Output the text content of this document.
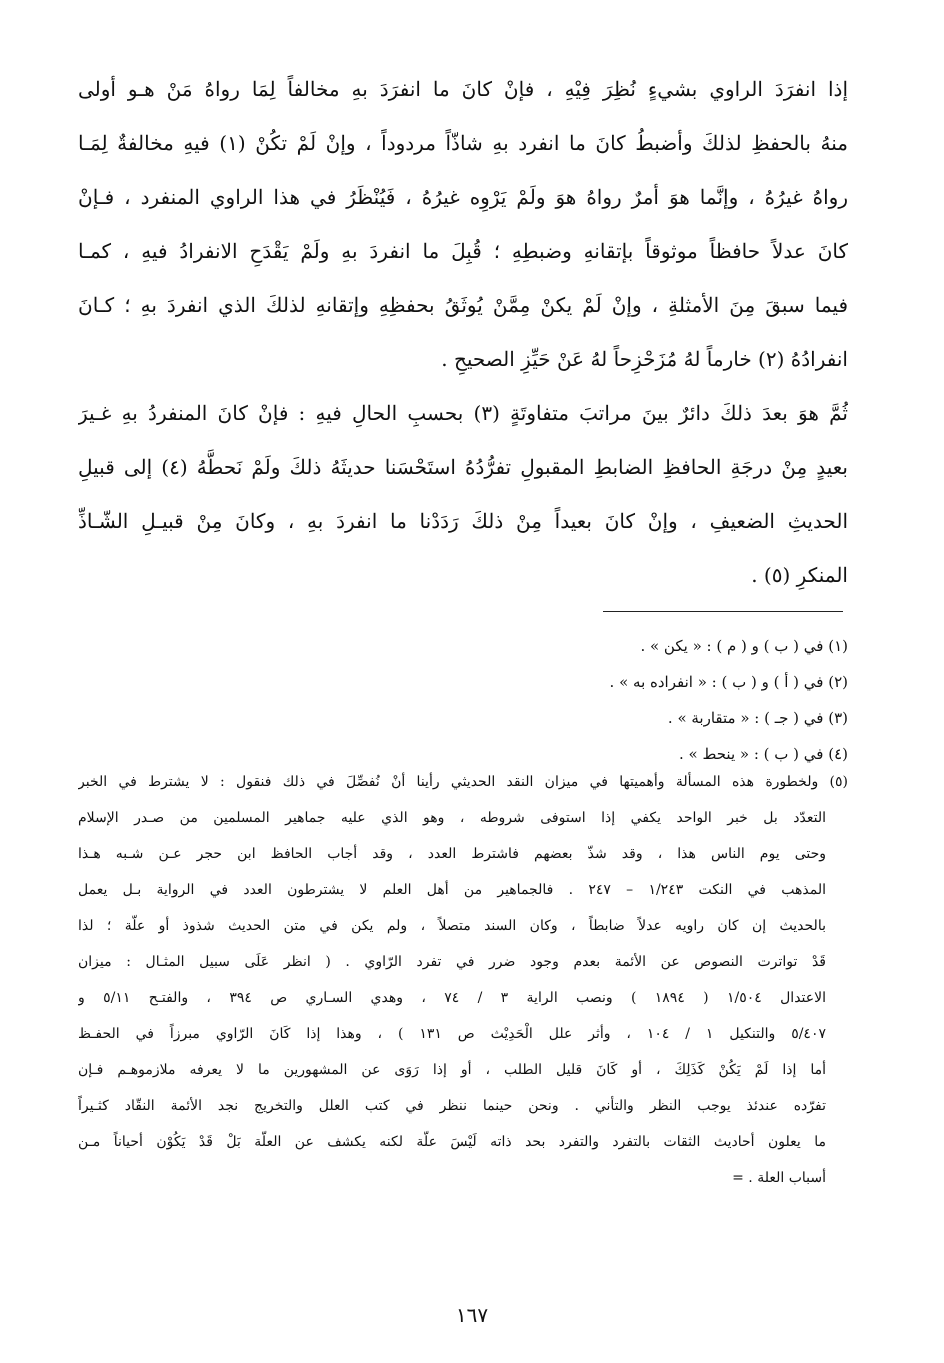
إذا انفرَدَ الراوي بشيءٍ نُظِرَ فِيْهِ ، فإنْ كانَ ما انفرَدَ بهِ مخالفاً لِمَا رواهُ مَنْ هـو أولى
منهُ بالحفظِ لذلكَ وأضبطُ كانَ ما انفرد بهِ شاذّاً مردوداً ، وإنْ لَمْ تكُنْ (١) فيهِ مخالفةٌ لِمَـا
رواهُ غيرُهُ ، وإنَّما هوَ أمرٌ رواهُ هوَ ولَمْ يَرْوِه غيرُهُ ، فَيُنْظَرُ في هذا الراوي المنفرد ، فـإنْ
كانَ عدلاً حافظاً موثوقاً بإتقانهِ وضبطِهِ ؛ قُبِلَ ما انفردَ بهِ ولَمْ يَقْدَحِ الانفرادُ فيهِ ، كمـا
فيما سبقَ مِنَ الأمثلةِ ، وإنْ لَمْ يكنْ مِمَّنْ يُوثَقُ بحفظِهِ وإتقانهِ لذلكَ الذي انفردَ بهِ ؛ كـانَ
انفرادُهُ (٢) خارماً لهُ مُزَحْزِحاً لهُ عَنْ حَيِّزِ الصحيحِ .
ثُمَّ هوَ بعدَ ذلكَ دائرٌ بينَ مراتبَ متفاوتَةٍ (٣) بحسبِ الحالِ فيهِ : فإنْ كانَ المنفردُ بهِ غـيرَ
بعيدٍ مِنْ درجَةِ الحافظِ الضابطِ المقبولِ تفرُّدُهُ استَحْسَنا حديثَهُ ذلكَ ولَمْ نَحطَّهُ (٤) إلى قبيلِ
الحديثِ الضعيفِ ، وإنْ كانَ بعيداً مِنْ ذلكَ رَدَدْنا ما انفردَ بهِ ، وكانَ مِنْ قبيـلِ الشّـاذِّ
المنكرِ (٥) .
(١) في ( ب ) و ( م ) : « يكن » .
(٢) في ( أ ) و ( ب ) : « انفراده به » .
(٣) في ( جـ ) : « متقاربة » .
(٤) في ( ب ) : « ينحط » .
(٥) ولخطورة هذه المسألة وأهميتها في ميزان النقد الحديثي رأينا أنْ نُفصِّلَ في ذلك فنقول : لا يشترط في الخبر
التعدّد بل خبر الواحد يكفي إذا استوفى شروطه ، وهو الذي عليه جماهير المسلمين من صـدر الإسلام
وحتى يوم الناس هذا ، وقد شذّ بعضهم فاشترط العدد ، وقد أجاب الحافظ ابن حجر عـن شـبه هـذا
المذهب في النكت ١/٢٤٣ – ٢٤٧ . فالجماهير من أهل العلم لا يشترطون العدد في الرواية بـل يعمل
بالحديث إن كان راويه عدلاً ضابطاً ، وكان السند متصلاً ، ولم يكن في متن الحديث شذوذ أو علّة ؛ لذا
قَدْ تواترت النصوص عن الأئمة بعدم وجود ضرر في تفرد الرّاوي . ( انظر عَلَى سبيل المثـال : ميزان
الاعتدال ١/٥٠٤ ( ١٨٩٤ ) ونصب الراية ٣ / ٧٤ ، وهدي السـاري ص ٣٩٤ ، والفتـح ٥/١١ و
٥/٤٠٧ والتنكيل ١ / ١٠٤ ، وأثر علل الْحَدِيْث ص ١٣١ ) ، وهذا إذا كَانَ الرّاوي مبرزاً في الحفـظ
أما إذا لَمْ يَكُنْ كَذَلِكَ ، أو كَانَ قليل الطلب ، أو إذا رَوَى عن المشهورين ما لا يعرفه ملازموهـم فـإن
تفرّده عندئذ يوجب النظر والتأني . ونحن حينما ننظر في كتب العلل والتخريج نجد الأئمة النقّاد كثـيراً
ما يعلون أحاديث الثقات بالتفرد والتفرد بحد ذاته لَيْسَ علّة لكنه يكشف عن العلّة بَلْ قَدْ يَكُوْن أحياناً مـن
أسباب العلة . =
١٦٧
